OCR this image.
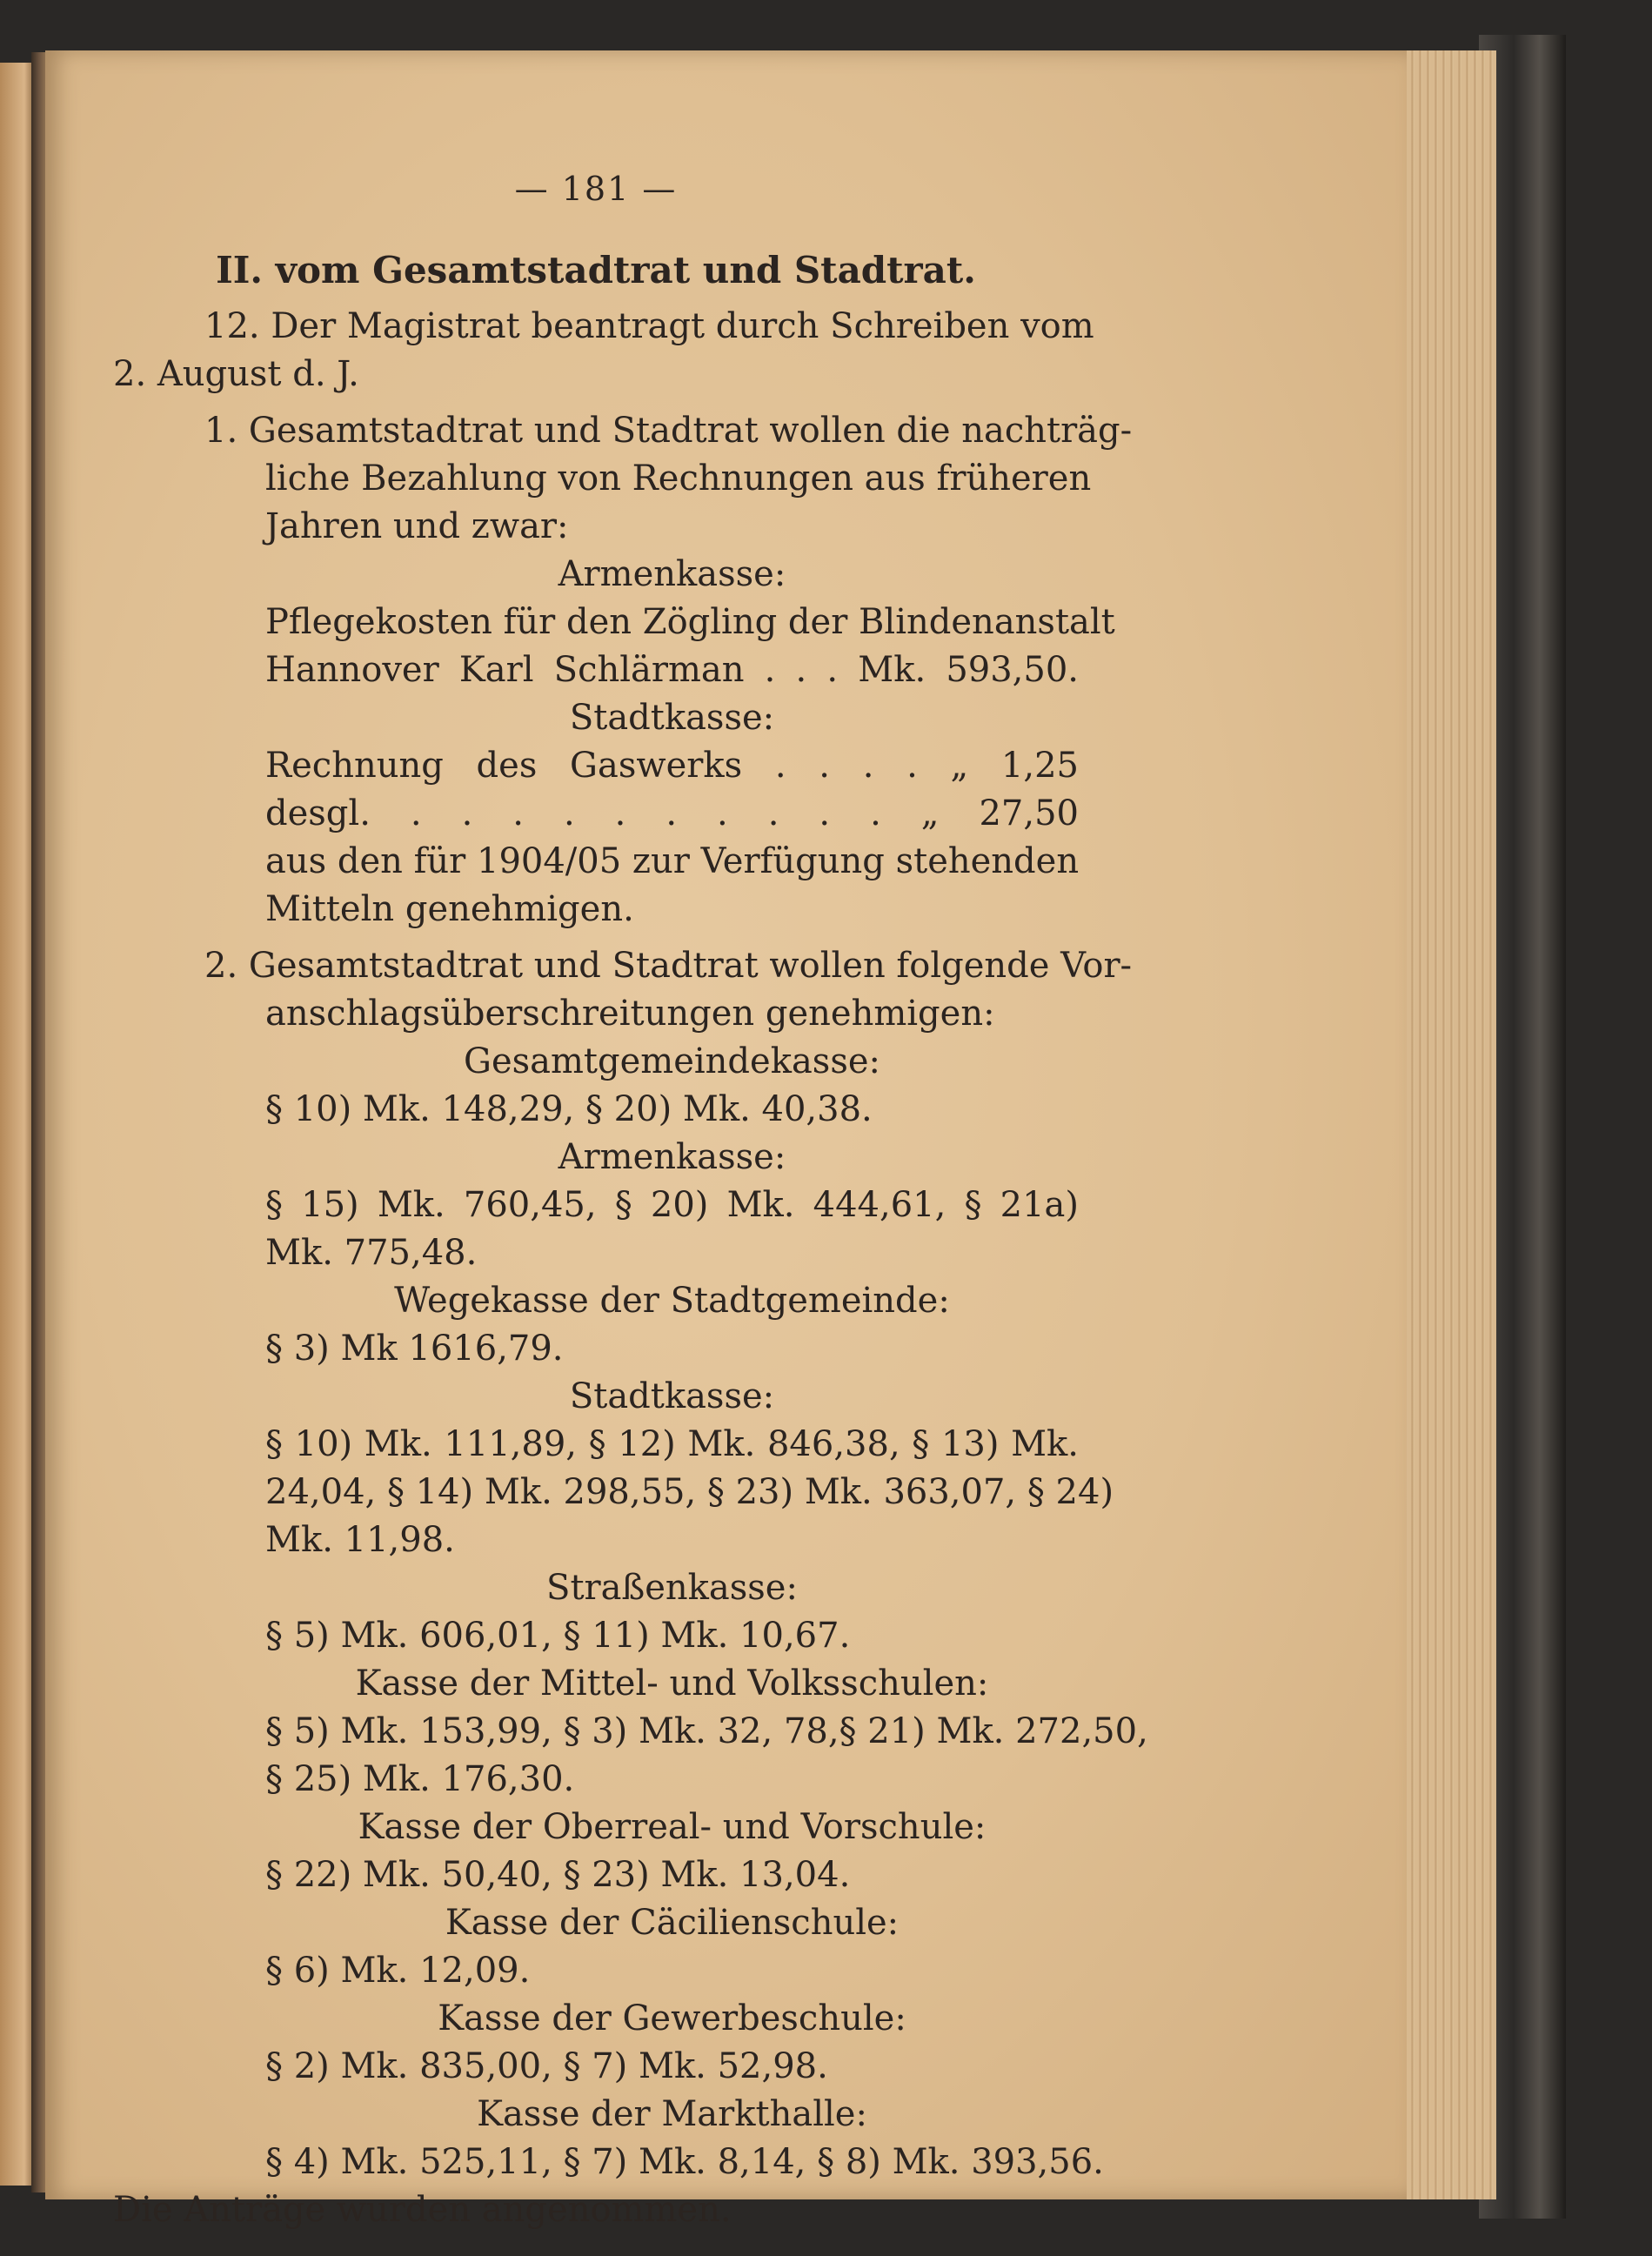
— 181 —
II. vom Gesamtstadtrat und Stadtrat.
12. Der Magistrat beantragt durch Schreiben vom
2. August d. J.
1. Gesamtstadtrat und Stadtrat wollen die nachträg-
liche Bezahlung von Rechnungen aus früheren
Jahren und zwar:
Armenkasse:
Pflegekosten für den Zögling der Blindenanstalt
Hannover Karl Schlärman . . . Mk. 593,50.
Stadtkasse:
Rechnung des Gaswerks . . . . „ 1,25
desgl. . . . . . . . . . . „ 27,50
aus den für 1904/05 zur Verfügung stehenden
Mitteln genehmigen.
2. Gesamtstadtrat und Stadtrat wollen folgende Vor-
anschlagsüberschreitungen genehmigen:
Gesamtgemeindekasse:
§ 10) Mk. 148,29, § 20) Mk. 40,38.
Armenkasse:
§ 15) Mk. 760,45, § 20) Mk. 444,61, § 21a)
Mk. 775,48.
Wegekasse der Stadtgemeinde:
§ 3) Mk 1616,79.
Stadtkasse:
§ 10) Mk. 111,89, § 12) Mk. 846,38, § 13) Mk.
24,04, § 14) Mk. 298,55, § 23) Mk. 363,07, § 24)
Mk. 11,98.
Straßenkasse:
§ 5) Mk. 606,01, § 11) Mk. 10,67.
Kasse der Mittel- und Volksschulen:
§ 5) Mk. 153,99, § 3) Mk. 32, 78,§ 21) Mk. 272,50,
§ 25) Mk. 176,30.
Kasse der Oberreal- und Vorschule:
§ 22) Mk. 50,40, § 23) Mk. 13,04.
Kasse der Cäcilienschule:
§ 6) Mk. 12,09.
Kasse der Gewerbeschule:
§ 2) Mk. 835,00, § 7) Mk. 52,98.
Kasse der Markthalle:
§ 4) Mk. 525,11, § 7) Mk. 8,14, § 8) Mk. 393,56.
Die Anträge wurden angenommen.
